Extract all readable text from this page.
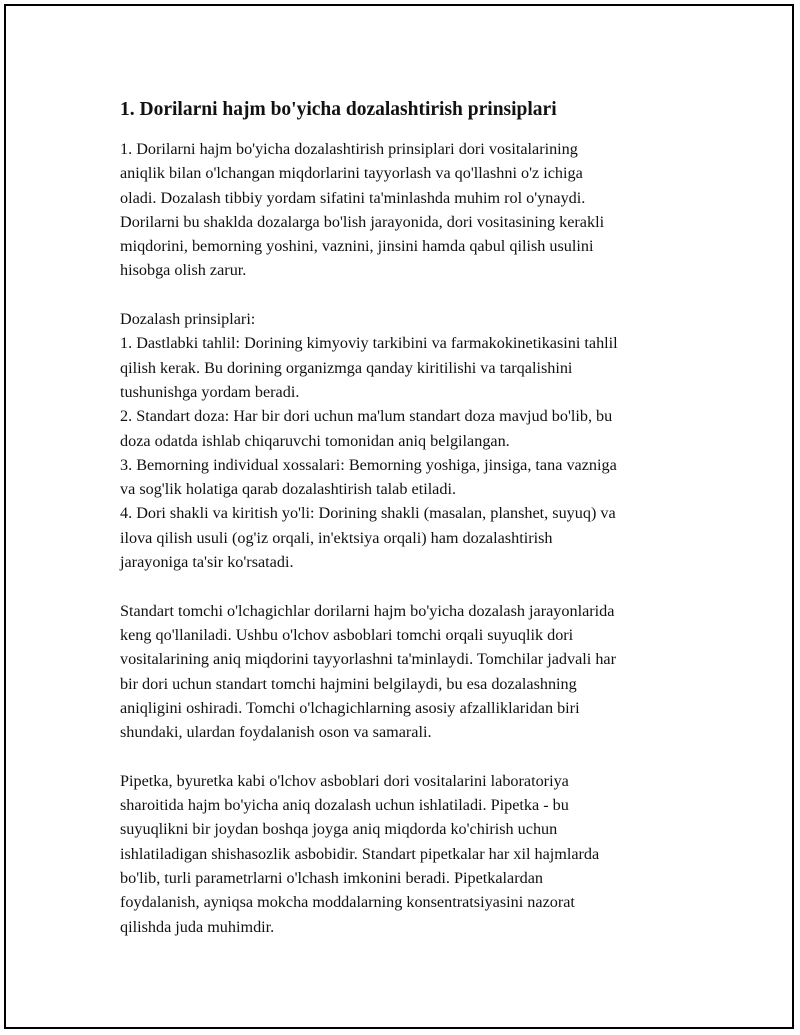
1. Dorilarni hajm bo'yicha dozalashtirish prinsiplari

1. Dorilarni hajm bo'yicha dozalashtirish prinsiplari dori vositalarining
aniqlik bilan o'lchangan miqdorlarini tayyorlash va qo'llashni o'z ichiga
oladi. Dozalash tibbiy yordam sifatini ta'minlashda muhim rol o'ynaydi.
Dorilarni bu shaklda dozalarga bo'lish jarayonida, dori vositasining kerakli
miqdorini, bemorning yoshini, vaznini, jinsini hamda qabul qilish usulini
hisobga olish zarur.

Dozalash prinsiplari:
1. Dastlabki tahlil: Dorining kimyoviy tarkibini va farmakokinetikasini tahlil
qilish kerak. Bu dorining organizmga qanday kiritilishi va tarqalishini
tushunishga yordam beradi.
2. Standart doza: Har bir dori uchun ma'lum standart doza mavjud bo'lib, bu
doza odatda ishlab chiqaruvchi tomonidan aniq belgilangan.
3. Bemorning individual xossalari: Bemorning yoshiga, jinsiga, tana vazniga
va sog'lik holatiga qarab dozalashtirish talab etiladi.
4. Dori shakli va kiritish yo'li: Dorining shakli (masalan, planshet, suyuq) va
ilova qilish usuli (og'iz orqali, in'ektsiya orqali) ham dozalashtirish
jarayoniga ta'sir ko'rsatadi.

Standart tomchi o'lchagichlar dorilarni hajm bo'yicha dozalash jarayonlarida
keng qo'llaniladi. Ushbu o'lchov asboblari tomchi orqali suyuqlik dori
vositalarining aniq miqdorini tayyorlashni ta'minlaydi. Tomchilar jadvali har
bir dori uchun standart tomchi hajmini belgilaydi, bu esa dozalashning
aniqligini oshiradi. Tomchi o'lchagichlarning asosiy afzalliklaridan biri
shundaki, ulardan foydalanish oson va samarali.

Pipetka, byuretka kabi o'lchov asboblari dori vositalarini laboratoriya
sharoitida hajm bo'yicha aniq dozalash uchun ishlatiladi. Pipetka - bu
suyuqlikni bir joydan boshqa joyga aniq miqdorda ko'chirish uchun
ishlatiladigan shishasozlik asbobidir. Standart pipetkalar har xil hajmlarda
bo'lib, turli parametrlarni o'lchash imkonini beradi. Pipetkalardan
foydalanish, ayniqsa mokcha moddalarning konsentratsiyasini nazorat
qilishda juda muhimdir.
